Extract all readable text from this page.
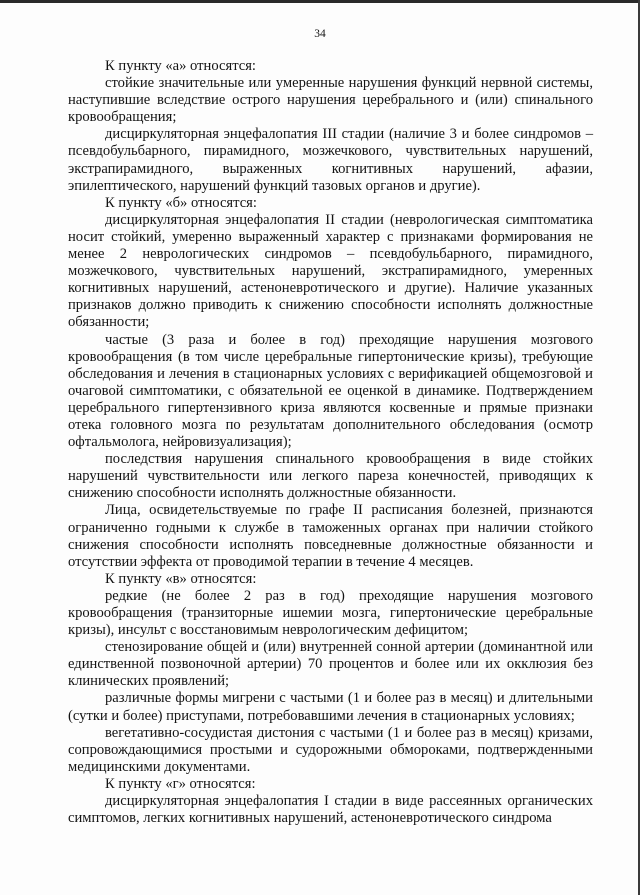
34

К пункту «а» относятся:

стойкие значительные или умеренные нарушения функций нервной системы, наступившие вследствие острого нарушения церебрального и (или) спинального кровообращения;

дисциркуляторная энцефалопатия III стадии (наличие 3 и более синдромов – псевдобульбарного, пирамидного, мозжечкового, чувствительных нарушений, экстрапирамидного, выраженных когнитивных нарушений, афазии, эпилептического, нарушений функций тазовых органов и другие).

К пункту «б» относятся:

дисциркуляторная энцефалопатия II стадии (неврологическая симптоматика носит стойкий, умеренно выраженный характер с признаками формирования не менее 2 неврологических синдромов – псевдобульбарного, пирамидного, мозжечкового, чувствительных нарушений, экстрапирамидного, умеренных когнитивных нарушений, астеноневротического и другие). Наличие указанных признаков должно приводить к снижению способности исполнять должностные обязанности;

частые (3 раза и более в год) преходящие нарушения мозгового кровообращения (в том числе церебральные гипертонические кризы), требующие обследования и лечения в стационарных условиях с верификацией общемозговой и очаговой симптоматики, с обязательной ее оценкой в динамике. Подтверждением церебрального гипертензивного криза являются косвенные и прямые признаки отека головного мозга по результатам дополнительного обследования (осмотр офтальмолога, нейровизуализация);

последствия нарушения спинального кровообращения в виде стойких нарушений чувствительности или легкого пареза конечностей, приводящих к снижению способности исполнять должностные обязанности.

Лица, освидетельствуемые по графе II расписания болезней, признаются ограниченно годными к службе в таможенных органах при наличии стойкого снижения способности исполнять повседневные должностные обязанности и отсутствии эффекта от проводимой терапии в течение 4 месяцев.

К пункту «в» относятся:

редкие (не более 2 раз в год) преходящие нарушения мозгового кровообращения (транзиторные ишемии мозга, гипертонические церебральные кризы), инсульт с восстановимым неврологическим дефицитом;

стенозирование общей и (или) внутренней сонной артерии (доминантной или единственной позвоночной артерии) 70 процентов и более или их окклюзия без клинических проявлений;

различные формы мигрени с частыми (1 и более раз в месяц) и длительными (сутки и более) приступами, потребовавшими лечения в стационарных условиях;

вегетативно-сосудистая дистония с частыми (1 и более раз в месяц) кризами, сопровождающимися простыми и судорожными обмороками, подтвержденными медицинскими документами.

К пункту «г» относятся:

дисциркуляторная энцефалопатия I стадии в виде рассеянных органических симптомов, легких когнитивных нарушений, астеноневротического синдрома
